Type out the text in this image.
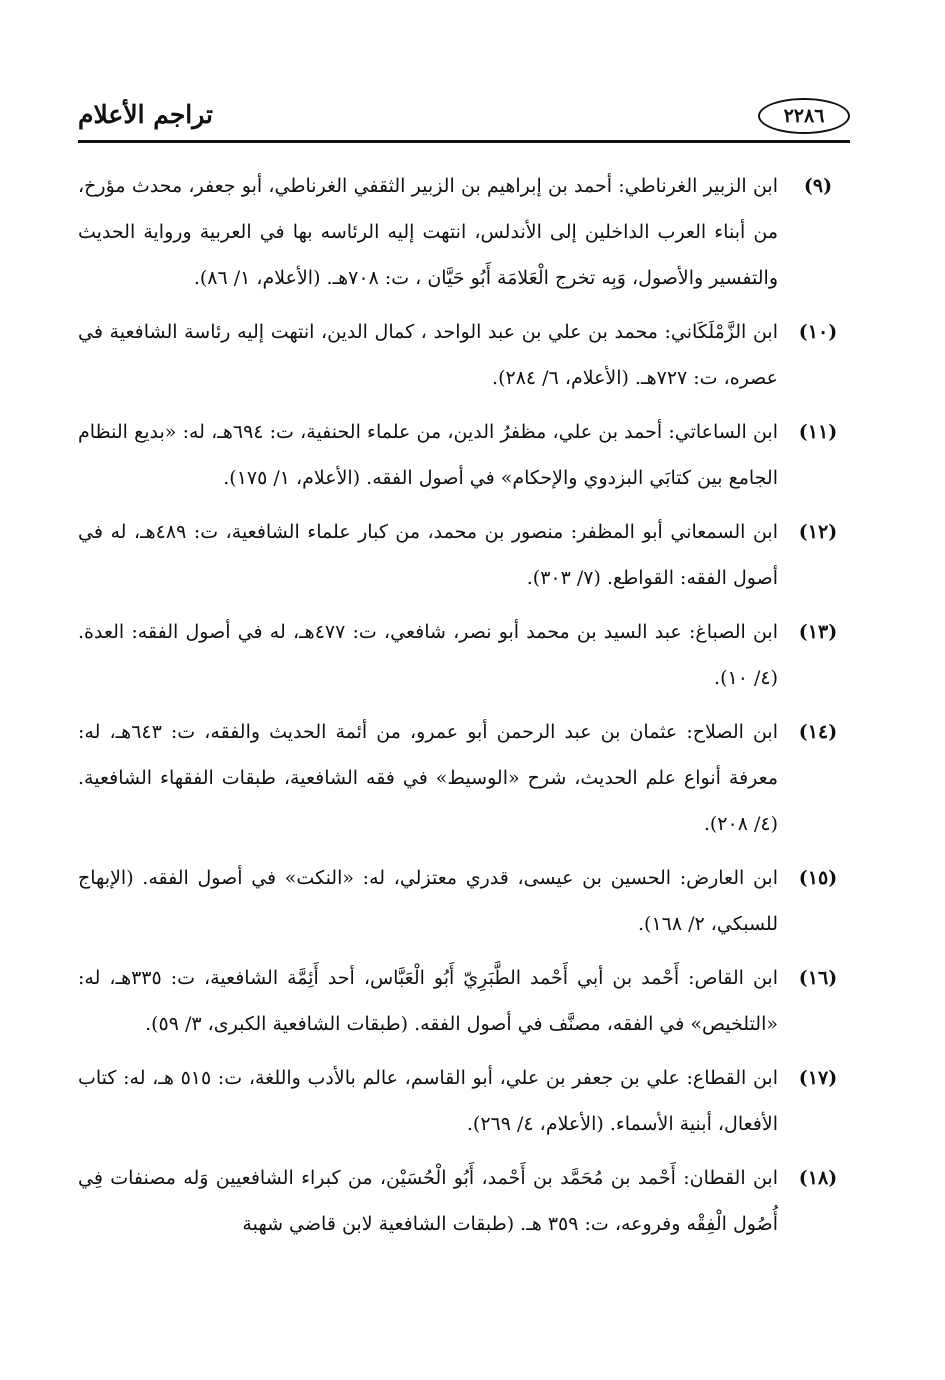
٢٢٨٦
تراجم الأعلام
(٩)
ابن الزبير الغرناطي: أحمد بن إبراهيم بن الزبير الثقفي الغرناطي، أبو جعفر، محدث مؤرخ، من أبناء العرب الداخلين إلى الأندلس، انتهت إليه الرئاسه بها في العربية ورواية الحديث والتفسير والأصول، وَبِه تخرج الْعَلامَة أَبُو حَيَّان ، ت: ٧٠٨هـ. (الأعلام، ١/ ٨٦).
(١٠)
ابن الزَّمْلَكَاني: محمد بن علي بن عبد الواحد ، كمال الدين، انتهت إليه رئاسة الشافعية في عصره، ت: ٧٢٧هـ. (الأعلام، ٦/ ٢٨٤).
(١١)
ابن الساعاتي: أحمد بن علي، مظفرُ الدين، من علماء الحنفية، ت: ٦٩٤هـ، له: «بديع النظام الجامع بين كتابَي البزدوي والإحكام» في أصول الفقه. (الأعلام، ١/ ١٧٥).
(١٢)
ابن السمعاني أبو المظفر: منصور بن محمد، من كبار علماء الشافعية، ت: ٤٨٩هـ، له في أصول الفقه: القواطع. (٧/ ٣٠٣).
(١٣)
ابن الصباغ: عبد السيد بن محمد أبو نصر، شافعي، ت: ٤٧٧هـ، له في أصول الفقه: العدة. (٤/ ١٠).
(١٤)
ابن الصلاح: عثمان بن عبد الرحمن أبو عمرو، من أئمة الحديث والفقه، ت: ٦٤٣هـ، له: معرفة أنواع علم الحديث، شرح «الوسيط» في فقه الشافعية، طبقات الفقهاء الشافعية. (٤/ ٢٠٨).
(١٥)
ابن العارض: الحسين بن عيسى، قدري معتزلي، له: «النكت» في أصول الفقه. (الإبهاج للسبكي، ٢/ ١٦٨).
(١٦)
ابن القاص: أَحْمد بن أبي أَحْمد الطَّبَرِيّ أَبُو الْعَبَّاس، أحد أَئِمَّة الشافعية، ت: ٣٣٥هـ، له: «التلخيص» في الفقه، مصنَّف في أصول الفقه. (طبقات الشافعية الكبرى، ٣/ ٥٩).
(١٧)
ابن القطاع: علي بن جعفر بن علي، أبو القاسم، عالم بالأدب واللغة، ت: ٥١٥ هـ، له: كتاب الأفعال، أبنية الأسماء. (الأعلام، ٤/ ٢٦٩).
(١٨)
ابن القطان: أَحْمد بن مُحَمَّد بن أَحْمد، أَبُو الْحُسَيْن، من كبراء الشافعيين وَله مصنفات فِي أُصُول الْفِقْه وفروعه، ت: ٣٥٩ هـ. (طبقات الشافعية لابن قاضي شهبة
